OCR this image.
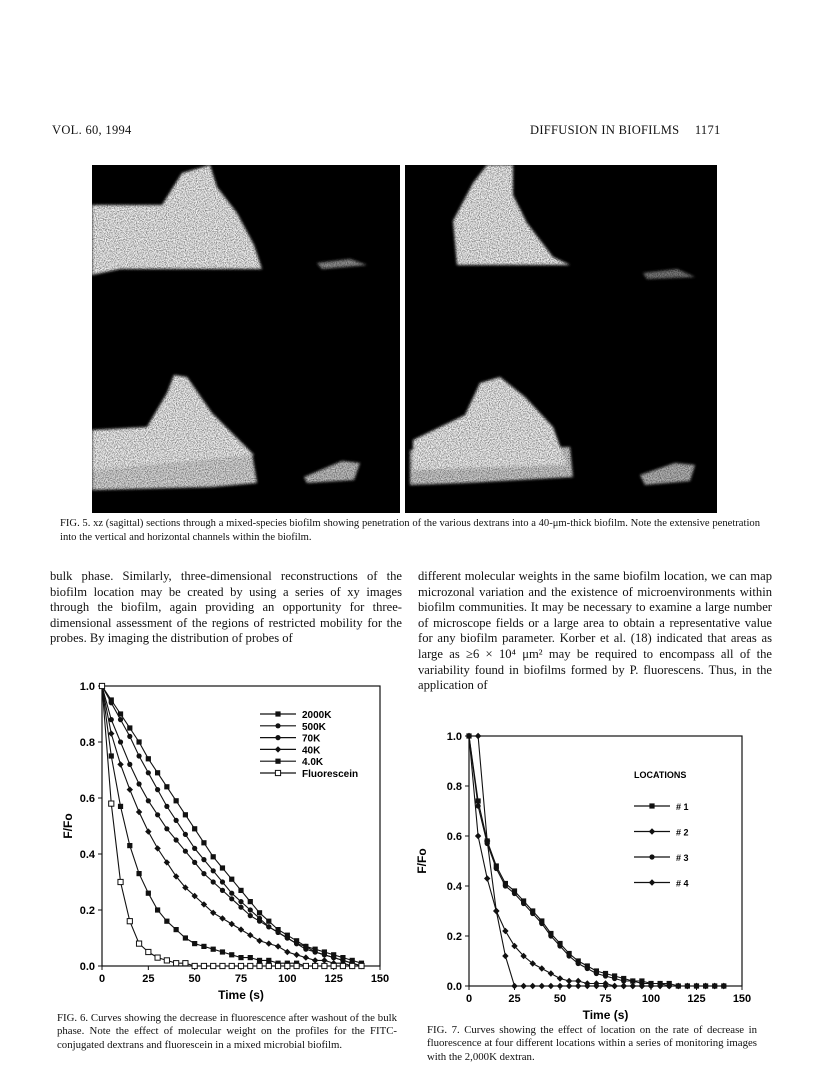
VOL. 60, 1994	DIFFUSION IN BIOFILMS 1171
FIG. 5. xz (sagittal) sections through a mixed-species biofilm showing penetration of the various dextrans into a 40-μm-thick biofilm. Note the extensive penetration into the vertical and horizontal channels within the biofilm.
bulk phase. Similarly, three-dimensional reconstructions of the biofilm location may be created by using a series of xy images through the biofilm, again providing an opportunity for three-dimensional assessment of the regions of restricted mobility for the probes. By imaging the distribution of probes of
different molecular weights in the same biofilm location, we can map microzonal variation and the existence of microenvironments within biofilm communities. It may be necessary to examine a large number of microscope fields or a large area to obtain a representative value for any biofilm parameter. Korber et al. (18) indicated that areas as large as ≥6 × 10⁴ μm² may be required to encompass all of the variability found in biofilms formed by P. fluorescens. Thus, in the application of
0	25	50	75	100	125	150
0.0
0.2
0.4
0.6
0.8
1.0
Time (s)
F/Fo
2000K
500K
70K
40K
4.0K
Fluorescein
0	25	50	75	100 125 150
0.0
0.2
0.4
0.6
0.8
1.0
Time (s)
F/Fo
LOCATIONS
# 1
# 2
# 3
# 4
FIG. 6. Curves showing the decrease in fluorescence after washout of the bulk phase. Note the effect of molecular weight on the profiles for the FITC-conjugated dextrans and fluorescein in a mixed microbial biofilm.
FIG. 7. Curves showing the effect of location on the rate of decrease in fluorescence at four different locations within a series of monitoring images with the 2,000K dextran.
